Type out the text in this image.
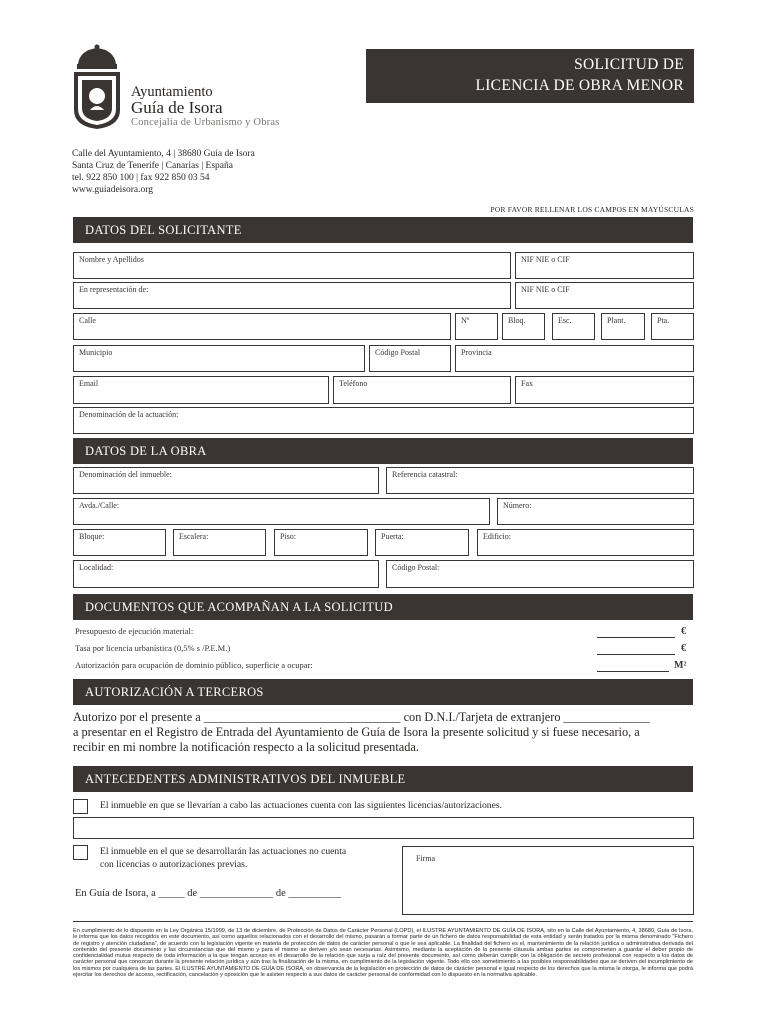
Ayuntamiento
Guía de Isora
Concejalía de Urbanismo y Obras
SOLICITUD DE
LICENCIA DE OBRA MENOR
Calle del Ayuntamiento, 4 | 38680 Guía de Isora
Santa Cruz de Tenerife | Canarias | España
tel. 922 850 100 | fax 922 850 03 54
www.guiadeisora.org
POR FAVOR RELLENAR LOS CAMPOS EN MAYÚSCULAS
DATOS DEL SOLICITANTE
Nombre y Apellidos	NIF NIE o CIF
En representación de:	NIF NIE o CIF
Calle	Nº	Bloq.	Esc.	Plant.	Pta.
Municipio	Código Postal	Provincia
Email	Teléfono	Fax
Denominación de la actuación:
DATOS DE LA OBRA
Denominación del inmueble:	Referencia catastral:
Avda./Calle:	Número:
Bloque:	Escalera:	Piso:	Puerta:	Edificio:
Localidad:	Código Postal:
DOCUMENTOS QUE ACOMPAÑAN A LA SOLICITUD
Presupuesto de ejecución material:	€
Tasa por licencia urbanística (0,5% s /P.E.M.)	€
Autorización para ocupación de dominio público, superficie a ocupar:	M²
AUTORIZACIÓN A TERCEROS
Autorizo por el presente a ________________________________ con D.N.I./Tarjeta de extranjero ______________
a presentar en el Registro de Entrada del Ayuntamiento de Guía de Isora la presente solicitud y si fuese necesario, a
recibir en mi nombre la notificación respecto a la solicitud presentada.
ANTECEDENTES ADMINISTRATIVOS DEL INMUEBLE
El inmueble en que se llevarían a cabo las actuaciones cuenta con las siguientes licencias/autorizaciones.
El inmueble en el que se desarrollarán las actuaciones no cuenta
con licencias o autorizaciones previas.
Firma
En Guía de Isora, a _____ de ______________ de __________
En cumplimiento de lo dispuesto en la Ley Orgánica 15/1999, de 13 de diciembre, de Protección de Datos de Carácter Personal (LOPD), el ILUSTRE AYUNTAMIENTO DE GUÍA DE ISORA, sito en la Calle del Ayuntamiento, 4, 38680, Guía de Isora, le informa que los datos recogidos en este documento, así como aquellos relacionados con el desarrollo del mismo, pasarán a formar parte de un fichero de datos responsabilidad de esta entidad y serán tratados por la misma denominado "Fichero de registro y atención ciudadana", de acuerdo con la legislación vigente en materia de protección de datos de carácter personal o que le sea aplicable. La finalidad del fichero es el, mantenimiento de la relación jurídica o administrativa derivada del contenido del presente documento y las circunstancias que del mismo y para el mismo se deriven y/o sean necesarias. Asimismo, mediante la aceptación de la presente cláusula ambas partes se comprometen a guardar el deber propio de confidencialidad mutua respecto de toda información a la que tengan acceso en el desarrollo de la relación que surja a raíz del presente documento, así como deberán cumplir con la obligación de secreto profesional con respecto a los datos de carácter personal que conozcan durante la presente relación jurídica y aún tras la finalización de la misma, en cumplimiento de la legislación vigente. Todo ello con sometimiento a las posibles responsabilidades que se deriven del incumplimiento de los mismos por cualquiera de las partes. El ILUSTRE AYUNTAMIENTO DE GUÍA DE ISORA, en observancia de la legislación en protección de datos de carácter personal e igual respecto de los derechos que la misma le otorga, le informa que podrá ejercitar los derechos de acceso, rectificación, cancelación y oposición que le asisten respecto a sus datos de carácter personal de conformidad con lo dispuesto en la normativa aplicable.
